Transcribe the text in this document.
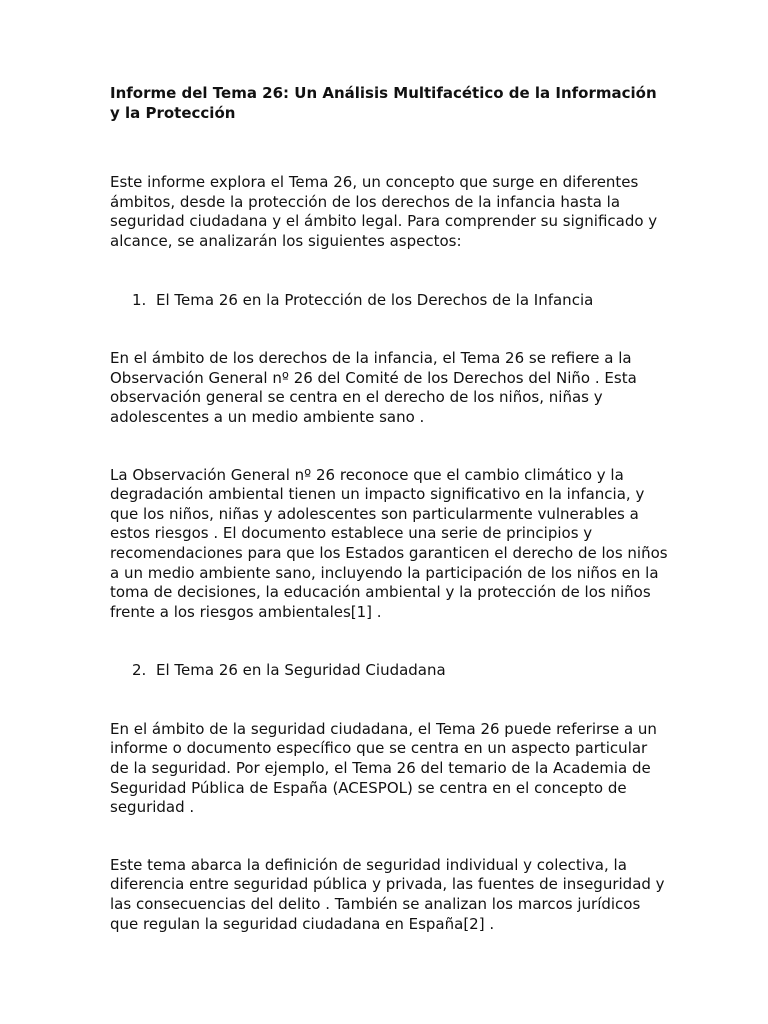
Informe del Tema 26: Un Análisis Multifacético de la Información y la Protección

Este informe explora el Tema 26, un concepto que surge en diferentes ámbitos, desde la protección de los derechos de la infancia hasta la seguridad ciudadana y el ámbito legal. Para comprender su significado y alcance, se analizarán los siguientes aspectos:

1. El Tema 26 en la Protección de los Derechos de la Infancia

En el ámbito de los derechos de la infancia, el Tema 26 se refiere a la Observación General nº 26 del Comité de los Derechos del Niño . Esta observación general se centra en el derecho de los niños, niñas y adolescentes a un medio ambiente sano .

La Observación General nº 26 reconoce que el cambio climático y la degradación ambiental tienen un impacto significativo en la infancia, y que los niños, niñas y adolescentes son particularmente vulnerables a estos riesgos . El documento establece una serie de principios y recomendaciones para que los Estados garanticen el derecho de los niños a un medio ambiente sano, incluyendo la participación de los niños en la toma de decisiones, la educación ambiental y la protección de los niños frente a los riesgos ambientales[1] .

2. El Tema 26 en la Seguridad Ciudadana

En el ámbito de la seguridad ciudadana, el Tema 26 puede referirse a un informe o documento específico que se centra en un aspecto particular de la seguridad. Por ejemplo, el Tema 26 del temario de la Academia de Seguridad Pública de España (ACESPOL) se centra en el concepto de seguridad .

Este tema abarca la definición de seguridad individual y colectiva, la diferencia entre seguridad pública y privada, las fuentes de inseguridad y las consecuencias del delito . También se analizan los marcos jurídicos que regulan la seguridad ciudadana en España[2] .
